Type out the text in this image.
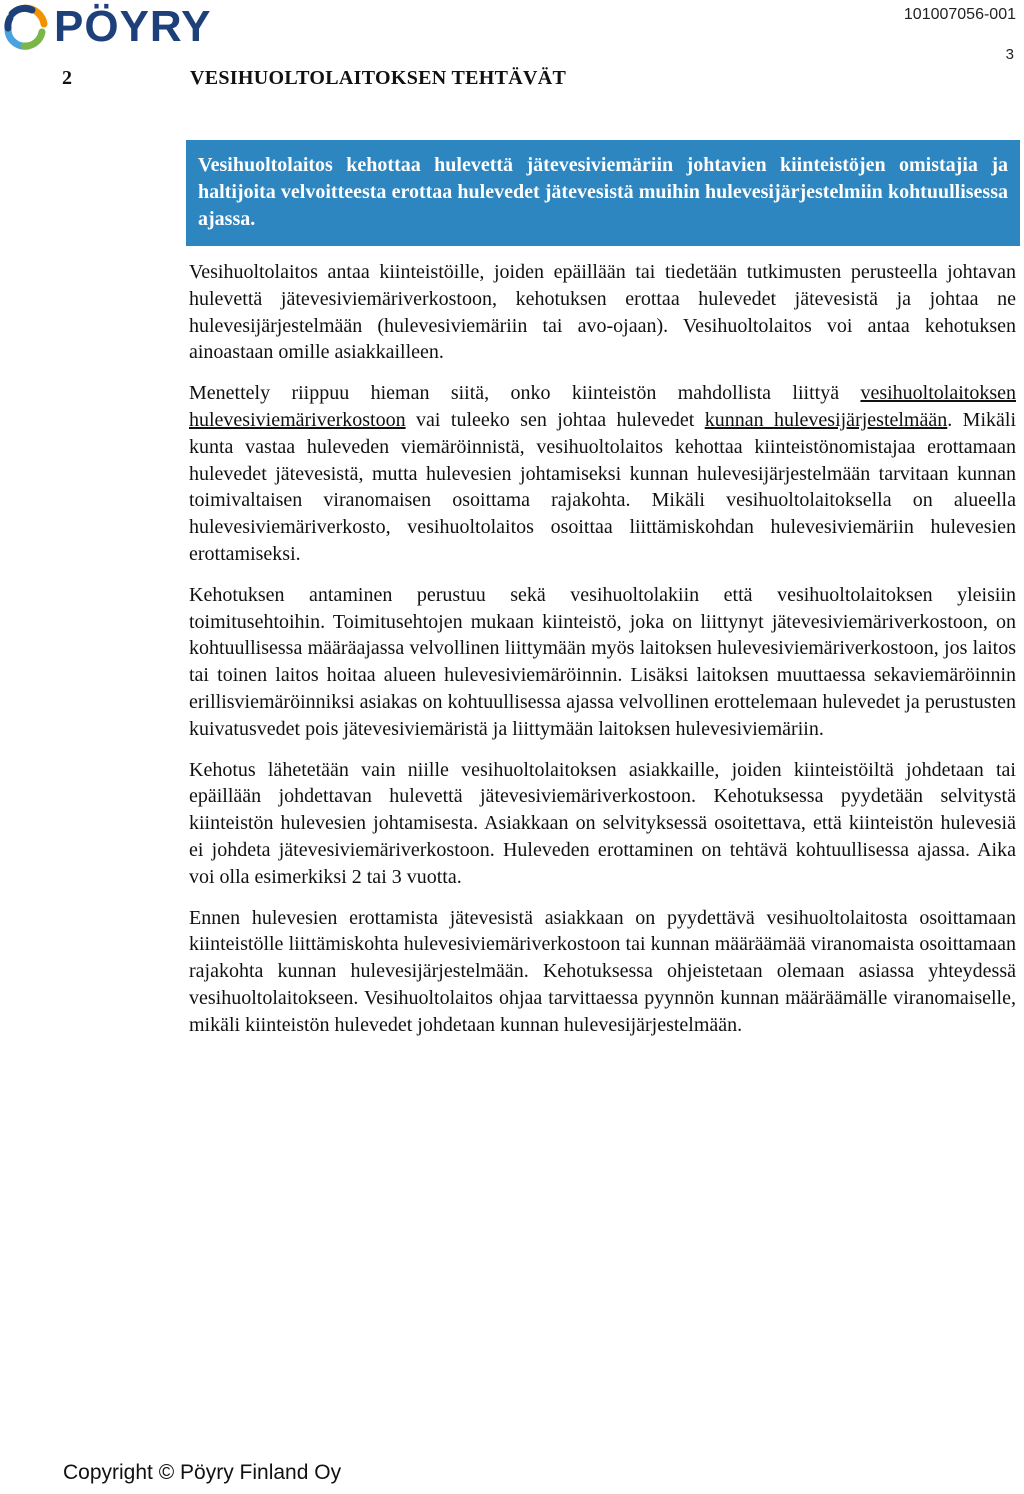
PÖYRY	101007056-001
3
2	VESIHUOLTOLAITOKSEN TEHTÄVÄT

Vesihuoltolaitos kehottaa hulevettä jätevesiviemäriin johtavien kiinteistöjen omistajia ja haltijoita velvoitteesta erottaa hulevedet jätevesistä muihin hulevesijärjestelmiin kohtuullisessa ajassa.

Vesihuoltolaitos antaa kiinteistöille, joiden epäillään tai tiedetään tutkimusten perusteella johtavan hulevettä jätevesiviemäriverkostoon, kehotuksen erottaa hulevedet jätevesistä ja johtaa ne hulevesijärjestelmään (hulevesiviemäriin tai avo-ojaan). Vesihuoltolaitos voi antaa kehotuksen ainoastaan omille asiakkailleen.

Menettely riippuu hieman siitä, onko kiinteistön mahdollista liittyä vesihuoltolaitoksen hulevesiviemäriverkostoon vai tuleeko sen johtaa hulevedet kunnan hulevesijärjestelmään. Mikäli kunta vastaa huleveden viemäröinnistä, vesihuoltolaitos kehottaa kiinteistönomistajaa erottamaan hulevedet jätevesistä, mutta hulevesien johtamiseksi kunnan hulevesijärjestelmään tarvitaan kunnan toimivaltaisen viranomaisen osoittama rajakohta. Mikäli vesihuoltolaitoksella on alueella hulevesiviemäriverkosto, vesihuoltolaitos osoittaa liittämiskohdan hulevesiviemäriin hulevesien erottamiseksi.

Kehotuksen antaminen perustuu sekä vesihuoltolakiin että vesihuoltolaitoksen yleisiin toimitusehtoihin. Toimitusehtojen mukaan kiinteistö, joka on liittynyt jätevesiviemäriverkostoon, on kohtuullisessa määräajassa velvollinen liittymään myös laitoksen hulevesiviemäriverkostoon, jos laitos tai toinen laitos hoitaa alueen hulevesiviemäröinnin. Lisäksi laitoksen muuttaessa sekaviemäröinnin erillisviemäröinniksi asiakas on kohtuullisessa ajassa velvollinen erottelemaan hulevedet ja perustusten kuivatusvedet pois jätevesiviemäristä ja liittymään laitoksen hulevesiviemäriin.

Kehotus lähetetään vain niille vesihuoltolaitoksen asiakkaille, joiden kiinteistöiltä johdetaan tai epäillään johdettavan hulevettä jätevesiviemäriverkostoon. Kehotuksessa pyydetään selvitystä kiinteistön hulevesien johtamisesta. Asiakkaan on selvityksessä osoitettava, että kiinteistön hulevesiä ei johdeta jätevesiviemäriverkostoon. Huleveden erottaminen on tehtävä kohtuullisessa ajassa. Aika voi olla esimerkiksi 2 tai 3 vuotta.

Ennen hulevesien erottamista jätevesistä asiakkaan on pyydettävä vesihuoltolaitosta osoittamaan kiinteistölle liittämiskohta hulevesiviemäriverkostoon tai kunnan määräämää viranomaista osoittamaan rajakohta kunnan hulevesijärjestelmään. Kehotuksessa ohjeistetaan olemaan asiassa yhteydessä vesihuoltolaitokseen. Vesihuoltolaitos ohjaa tarvittaessa pyynnön kunnan määräämälle viranomaiselle, mikäli kiinteistön hulevedet johdetaan kunnan hulevesijärjestelmään.

Copyright © Pöyry Finland Oy
